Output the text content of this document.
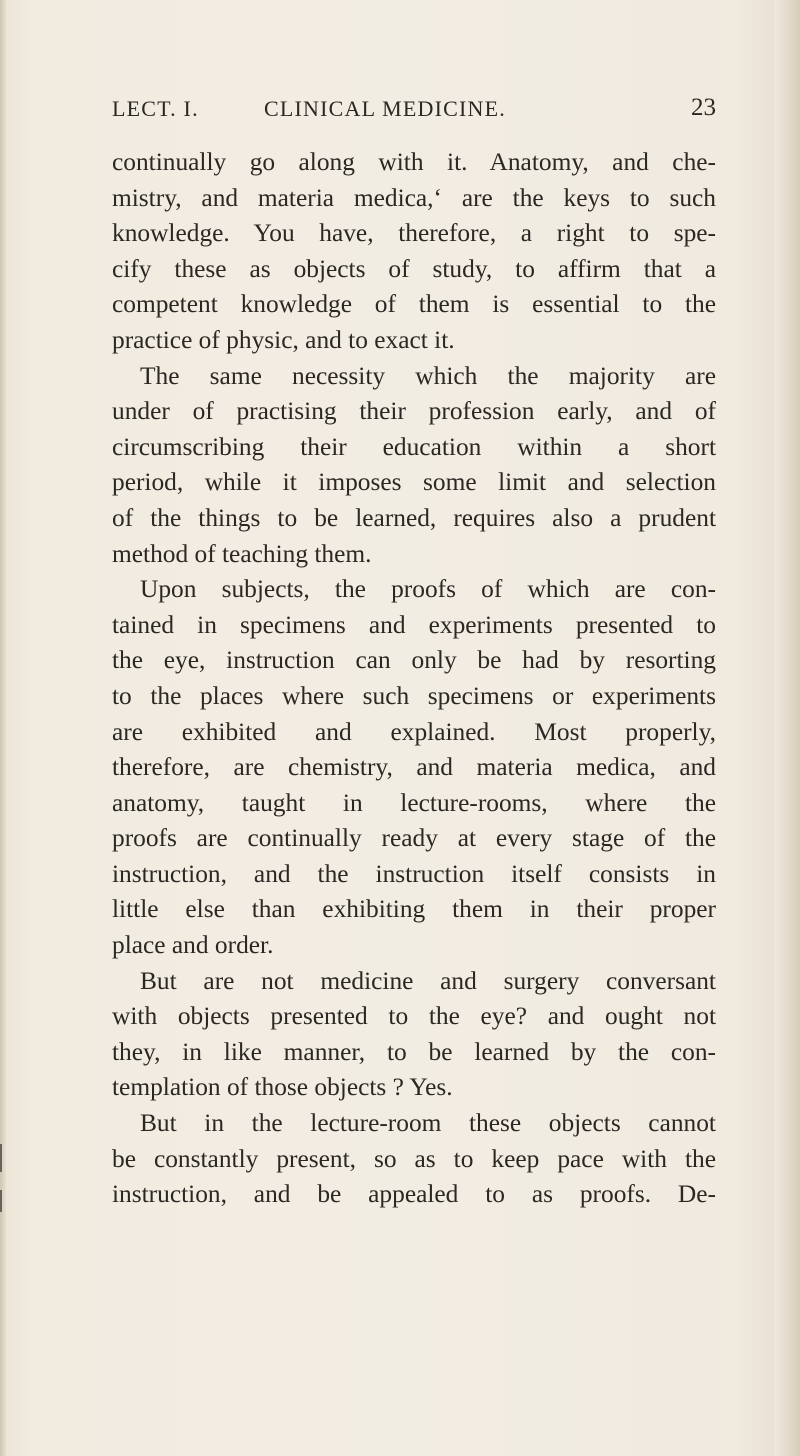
LECT. I.	CLINICAL MEDICINE.	23
continually go along with it. Anatomy, and che-
mistry, and materia medica,ʻ are the keys to such
knowledge. You have, therefore, a right to spe-
cify these as objects of study, to affirm that a
competent knowledge of them is essential to the
practice of physic, and to exact it.
The same necessity which the majority are
under of practising their profession early, and of
circumscribing their education within a short
period, while it imposes some limit and selection
of the things to be learned, requires also a prudent
method of teaching them.
Upon subjects, the proofs of which are con-
tained in specimens and experiments presented to
the eye, instruction can only be had by resorting
to the places where such specimens or experiments
are exhibited and explained. Most properly,
therefore, are chemistry, and materia medica, and
anatomy, taught in lecture-rooms, where the
proofs are continually ready at every stage of the
instruction, and the instruction itself consists in
little else than exhibiting them in their proper
place and order.
But are not medicine and surgery conversant
with objects presented to the eye? and ought not
they, in like manner, to be learned by the con-
templation of those objects ? Yes.
But in the lecture-room these objects cannot
be constantly present, so as to keep pace with the
instruction, and be appealed to as proofs. De-
